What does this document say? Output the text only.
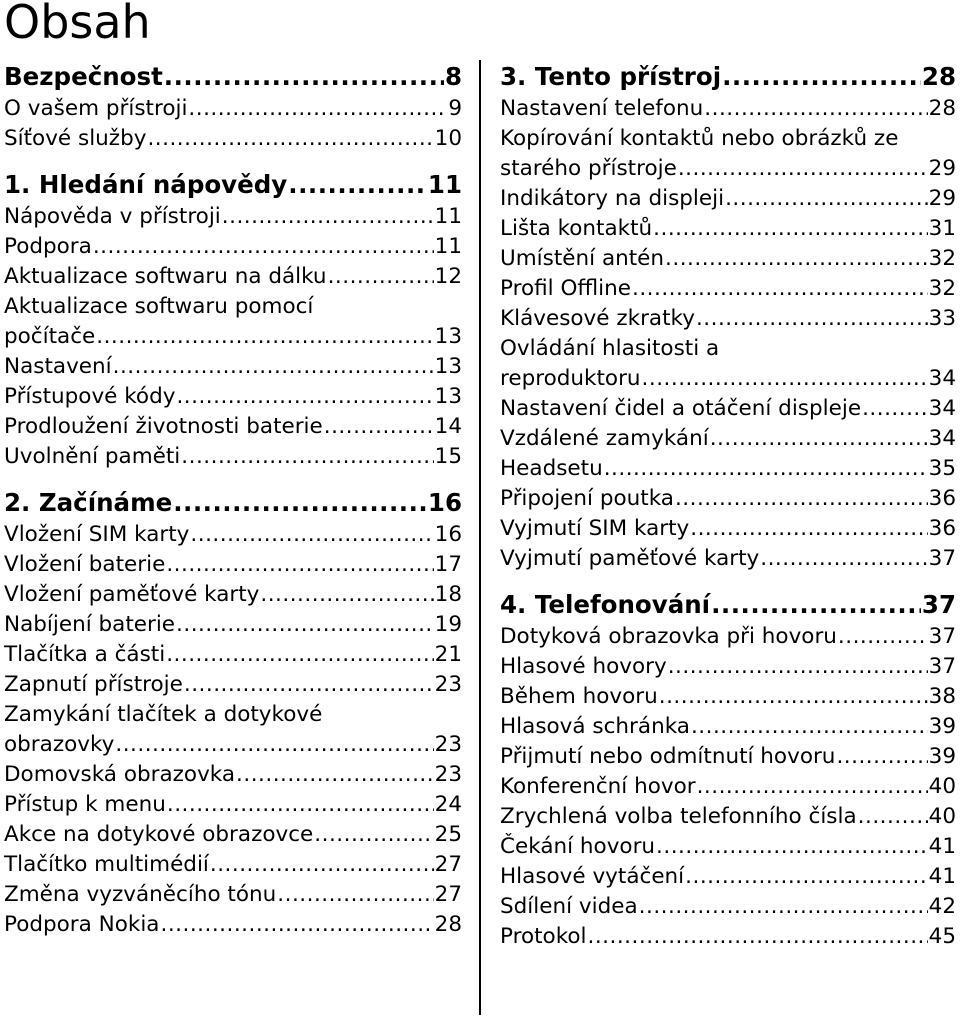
Obsah
Bezpečnost .....	8
O vašem přístroji .....	9
Síťové služby .....	10
1. Hledání nápovědy .....	11
Nápověda v přístroji .....	11
Podpora .....	11
Aktualizace softwaru na dálku .....	12
Aktualizace softwaru pomocí
počítače .....	13
Nastavení .....	13
Přístupové kódy .....	13
Prodloužení životnosti baterie .....	14
Uvolnění paměti .....	15
2. Začínáme .....	16
Vložení SIM karty .....	16
Vložení baterie .....	17
Vložení paměťové karty .....	18
Nabíjení baterie .....	19
Tlačítka a části .....	21
Zapnutí přístroje .....	23
Zamykání tlačítek a dotykové
obrazovky .....	23
Domovská obrazovka .....	23
Přístup k menu .....	24
Akce na dotykové obrazovce .....	25
Tlačítko multimédií .....	27
Změna vyzváněcího tónu .....	27
Podpora Nokia .....	28
3. Tento přístroj .....	28
Nastavení telefonu .....	28
Kopírování kontaktů nebo obrázků ze
starého přístroje .....	29
Indikátory na displeji .....	29
Lišta kontaktů .....	31
Umístění antén .....	32
Profil Offline .....	32
Klávesové zkratky .....	33
Ovládání hlasitosti a
reproduktoru .....	34
Nastavení čidel a otáčení displeje .....	34
Vzdálené zamykání .....	34
Headsetu .....	35
Připojení poutka .....	36
Vyjmutí SIM karty .....	36
Vyjmutí paměťové karty .....	37
4. Telefonování .....	37
Dotyková obrazovka při hovoru .....	37
Hlasové hovory .....	37
Během hovoru .....	38
Hlasová schránka .....	39
Přijmutí nebo odmítnutí hovoru .....	39
Konferenční hovor .....	40
Zrychlená volba telefonního čísla .....	40
Čekání hovoru .....	41
Hlasové vytáčení .....	41
Sdílení videa .....	42
Protokol .....	45
